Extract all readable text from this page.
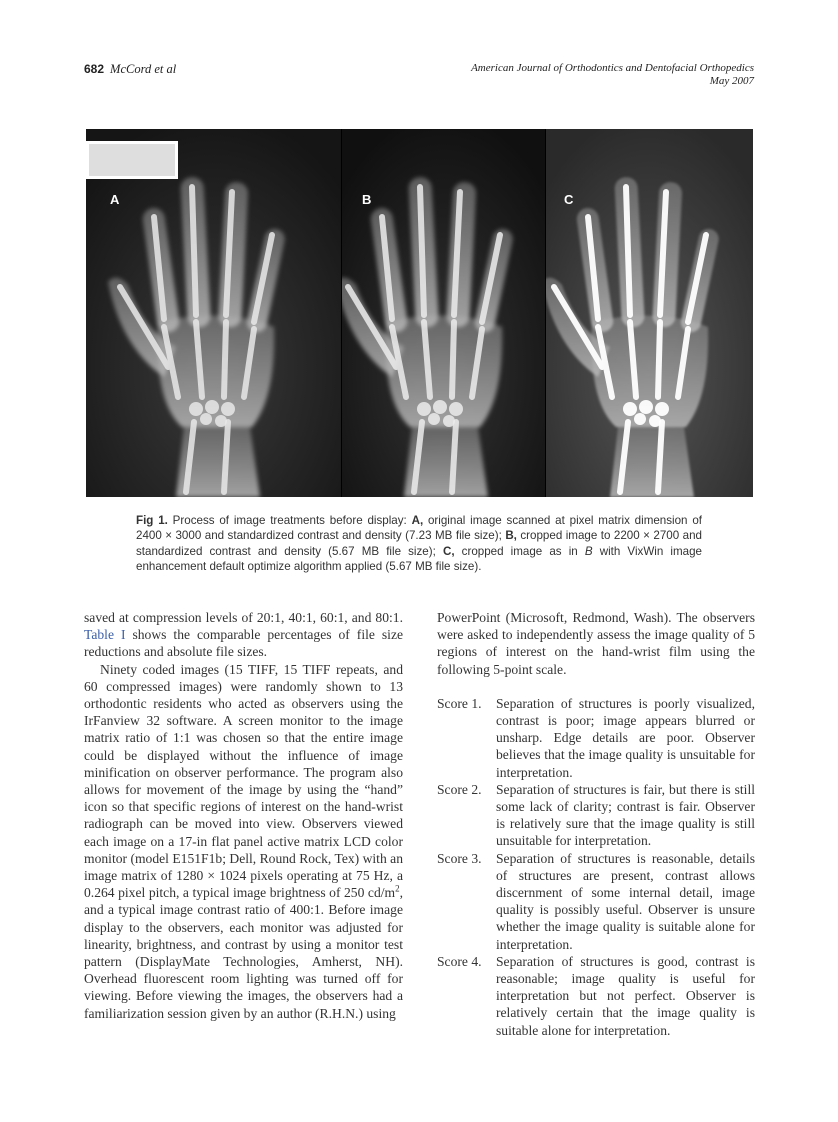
682 McCord et al	American Journal of Orthodontics and Dentofacial Orthopedics
May 2007
A	B	C
Fig 1. Process of image treatments before display: A, original image scanned at pixel matrix dimension of 2400 × 3000 and standardized contrast and density (7.23 MB file size); B, cropped image to 2200 × 2700 and standardized contrast and density (5.67 MB file size); C, cropped image as in B with VixWin image enhancement default optimize algorithm applied (5.67 MB file size).

saved at compression levels of 20:1, 40:1, 60:1, and 80:1. Table I shows the comparable percentages of file size reductions and absolute file sizes.

Ninety coded images (15 TIFF, 15 TIFF repeats, and 60 compressed images) were randomly shown to 13 orthodontic residents who acted as observers using the IrFanview 32 software. A screen monitor to the image matrix ratio of 1:1 was chosen so that the entire image could be displayed without the influence of image minification on observer performance. The program also allows for movement of the image by using the “hand” icon so that specific regions of interest on the hand-wrist radiograph can be moved into view. Observers viewed each image on a 17-in flat panel active matrix LCD color monitor (model E151F1b; Dell, Round Rock, Tex) with an image matrix of 1280 × 1024 pixels operating at 75 Hz, a 0.264 pixel pitch, a typical image brightness of 250 $cd/m^2$, and a typical image contrast ratio of 400:1. Before image display to the observers, each monitor was adjusted for linearity, brightness, and contrast by using a monitor test pattern (DisplayMate Technologies, Amherst, NH). Overhead fluorescent room lighting was turned off for viewing. Before viewing the images, the observers had a familiarization session given by an author (R.H.N.) using

PowerPoint (Microsoft, Redmond, Wash). The observers were asked to independently assess the image quality of 5 regions of interest on the hand-wrist film using the following 5-point scale.

Score 1.	Separation of structures is poorly visualized, contrast is poor; image appears blurred or unsharp. Edge details are poor. Observer believes that the image quality is unsuitable for interpretation.
Score 2.	Separation of structures is fair, but there is still some lack of clarity; contrast is fair. Observer is relatively sure that the image quality is still unsuitable for interpretation.
Score 3.	Separation of structures is reasonable, details of structures are present, contrast allows discernment of some internal detail, image quality is possibly useful. Observer is unsure whether the image quality is suitable alone for interpretation.
Score 4.	Separation of structures is good, contrast is reasonable; image quality is useful for interpretation but not perfect. Observer is relatively certain that the image quality is suitable alone for interpretation.
